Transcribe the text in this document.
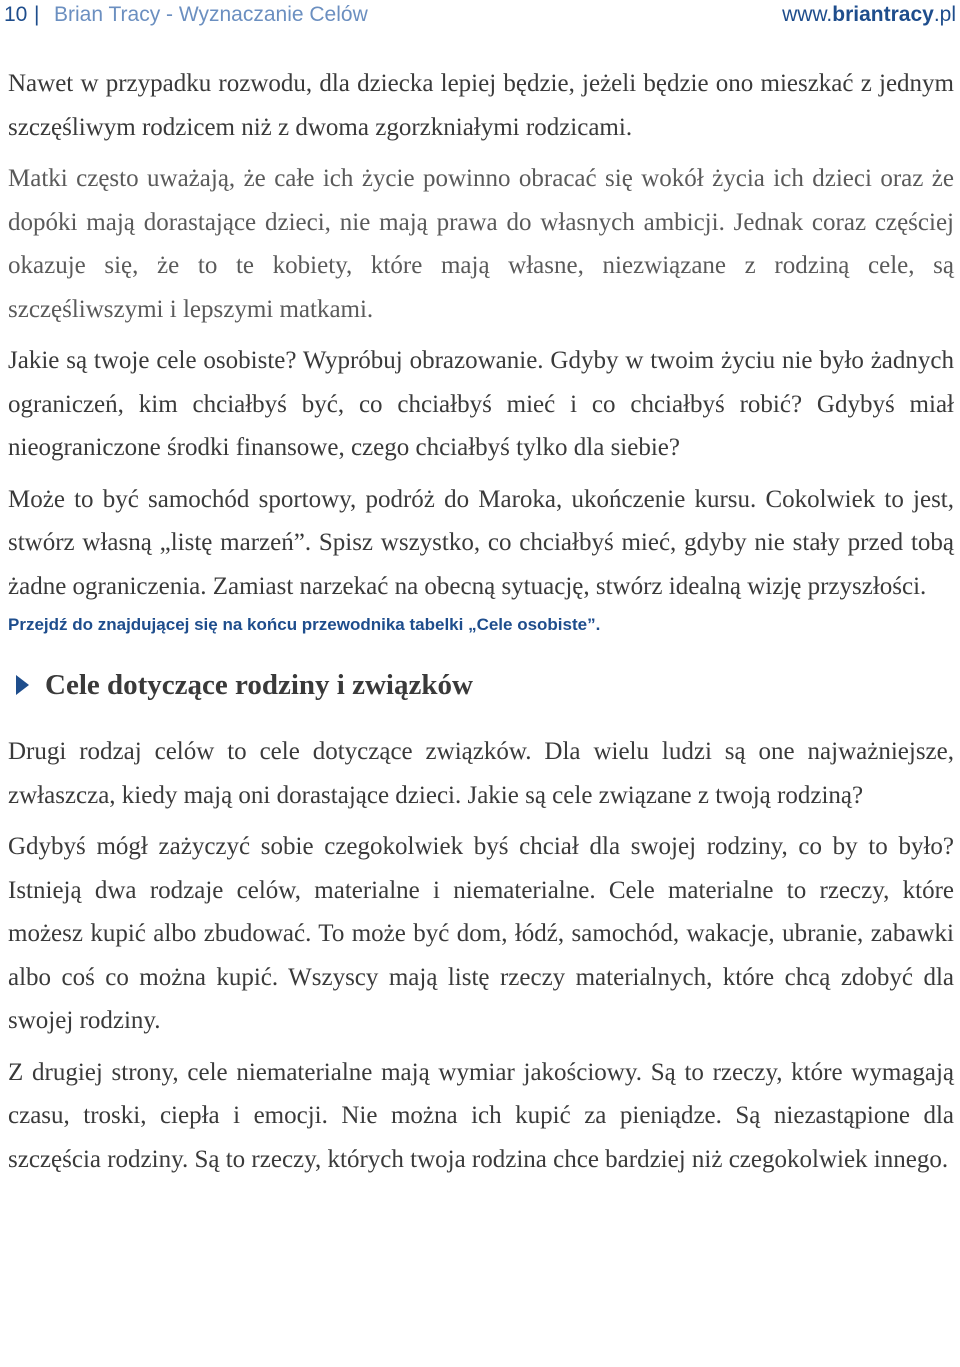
10 | Brian Tracy - Wyznaczanie Celów	www.briantracy.pl

Nawet w przypadku rozwodu, dla dziecka lepiej będzie, jeżeli będzie ono mieszkać z jednym szczęśliwym rodzicem niż z dwoma zgorzkniałymi rodzicami.

Matki często uważają, że całe ich życie powinno obracać się wokół życia ich dzieci oraz że dopóki mają dorastające dzieci, nie mają prawa do własnych ambicji. Jednak coraz częściej okazuje się, że to te kobiety, które mają własne, niezwiązane z rodziną cele, są szczęśliwszymi i lepszymi matkami.

Jakie są twoje cele osobiste? Wypróbuj obrazowanie. Gdyby w twoim życiu nie było żadnych ograniczeń, kim chciałbyś być, co chciałbyś mieć i co chciałbyś robić? Gdybyś miał nieograniczone środki finansowe, czego chciałbyś tylko dla siebie?

Może to być samochód sportowy, podróż do Maroka, ukończenie kursu. Cokolwiek to jest, stwórz własną „listę marzeń”. Spisz wszystko, co chciałbyś mieć, gdyby nie stały przed tobą żadne ograniczenia. Zamiast narzekać na obecną sytuację, stwórz idealną wizję przyszłości.

Przejdź do znajdującej się na końcu przewodnika tabelki „Cele osobiste”.

Cele dotyczące rodziny i związków

Drugi rodzaj celów to cele dotyczące związków. Dla wielu ludzi są one najważniejsze, zwłaszcza, kiedy mają oni dorastające dzieci. Jakie są cele związane z twoją rodziną?

Gdybyś mógł zażyczyć sobie czegokolwiek byś chciał dla swojej rodziny, co by to było? Istnieją dwa rodzaje celów, materialne i niematerialne. Cele materialne to rzeczy, które możesz kupić albo zbudować. To może być dom, łódź, samochód, wakacje, ubranie, zabawki albo coś co można kupić. Wszyscy mają listę rzeczy materialnych, które chcą zdobyć dla swojej rodziny.

Z drugiej strony, cele niematerialne mają wymiar jakościowy. Są to rzeczy, które wymagają czasu, troski, ciepła i emocji. Nie można ich kupić za pieniądze. Są niezastąpione dla szczęścia rodziny. Są to rzeczy, których twoja rodzina chce bardziej niż czegokolwiek innego.
